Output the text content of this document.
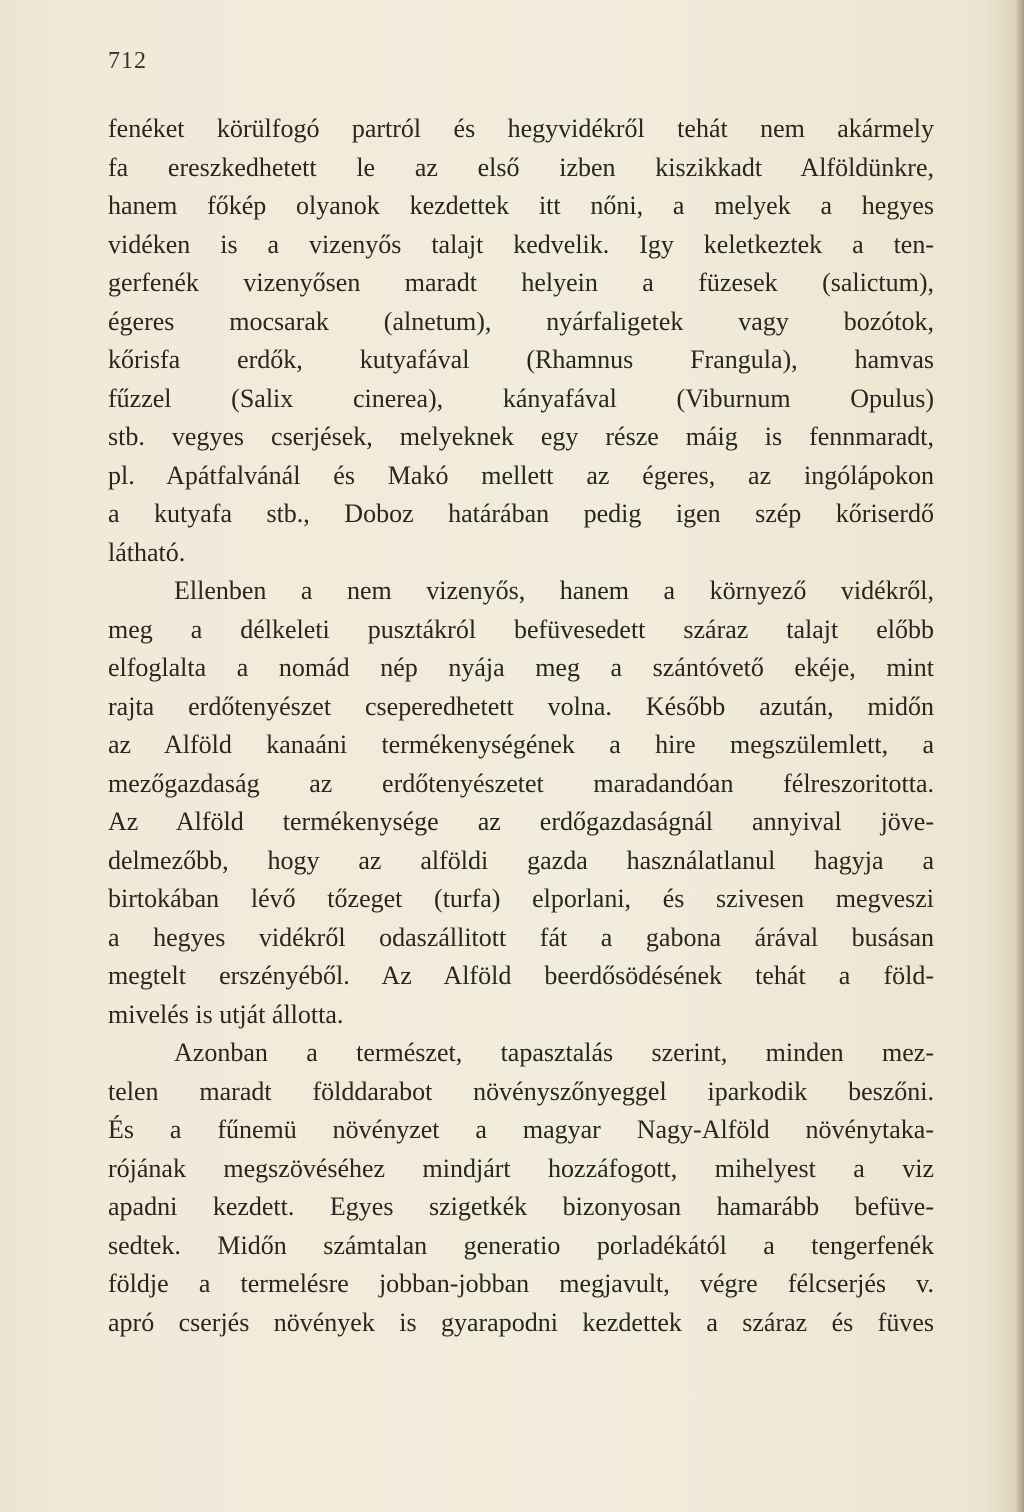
712
fenéket körülfogó partról és hegyvidékről tehát nem akármely
fa ereszkedhetett le az első izben kiszikkadt Alföldünkre,
hanem főkép olyanok kezdettek itt nőni, a melyek a hegyes
vidéken is a vizenyős talajt kedvelik. Igy keletkeztek a ten-
gerfenék vizenyősen maradt helyein a füzesek (salictum),
égeres mocsarak (alnetum), nyárfaligetek vagy bozótok,
kőrisfa erdők, kutyafával (Rhamnus Frangula), hamvas
fűzzel (Salix cinerea), kányafával (Viburnum Opulus)
stb. vegyes cserjések, melyeknek egy része máig is fennmaradt,
pl. Apátfalvánál és Makó mellett az égeres, az ingólápokon
a kutyafa stb., Doboz határában pedig igen szép kőriserdő
látható.
Ellenben a nem vizenyős, hanem a környező vidékről,
meg a délkeleti pusztákról befüvesedett száraz talajt előbb
elfoglalta a nomád nép nyája meg a szántóvető ekéje, mint
rajta erdőtenyészet cseperedhetett volna. Később azután, midőn
az Alföld kanaáni termékenységének a hire megszülemlett, a
mezőgazdaság az erdőtenyészetet maradandóan félreszoritotta.
Az Alföld termékenysége az erdőgazdaságnál annyival jöve-
delmezőbb, hogy az alföldi gazda használatlanul hagyja a
birtokában lévő tőzeget (turfa) elporlani, és szivesen megveszi
a hegyes vidékről odaszállitott fát a gabona árával busásan
megtelt erszényéből. Az Alföld beerdősödésének tehát a föld-
mivelés is utját állotta.
Azonban a természet, tapasztalás szerint, minden mez-
telen maradt földdarabot növényszőnyeggel iparkodik beszőni.
És a fűnemü növényzet a magyar Nagy-Alföld növénytaka-
rójának megszövéséhez mindjárt hozzáfogott, mihelyest a viz
apadni kezdett. Egyes szigetkék bizonyosan hamarább befüve-
sedtek. Midőn számtalan generatio porladékától a tengerfenék
földje a termelésre jobban-jobban megjavult, végre félcserjés v.
apró cserjés növények is gyarapodni kezdettek a száraz és füves
